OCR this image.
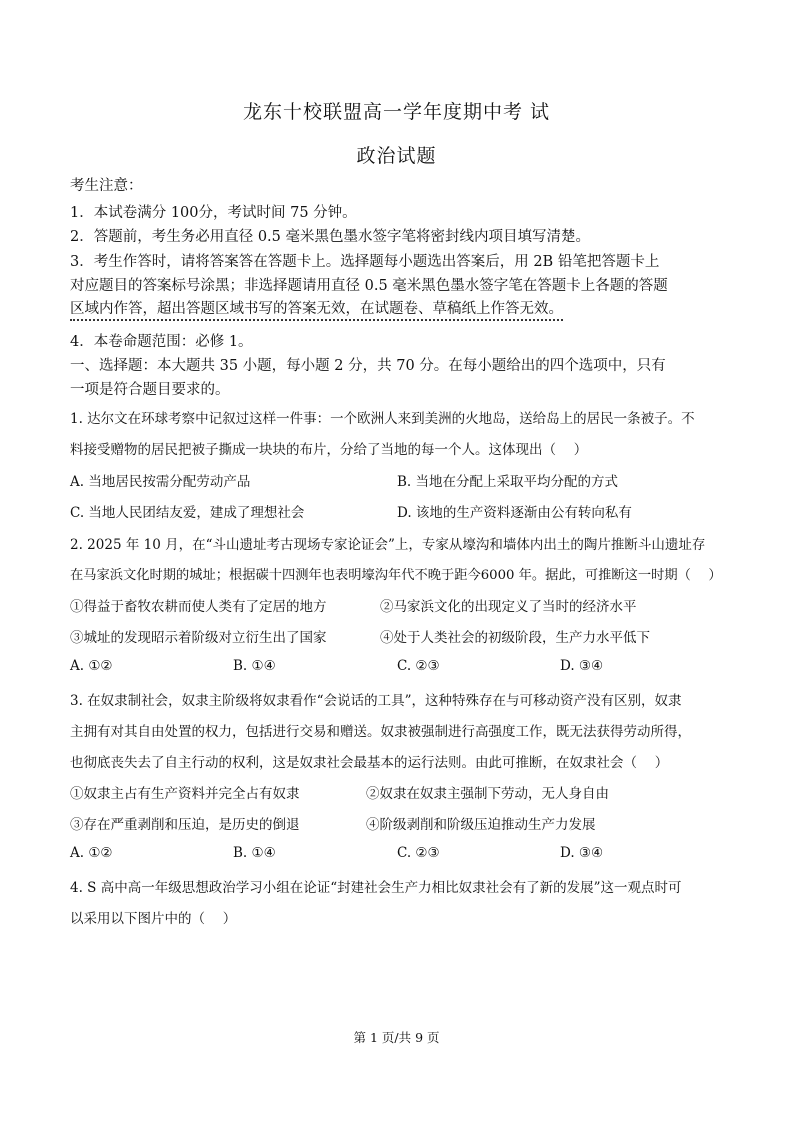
龙东十校联盟高一学年度期中考 试
政治试题
考生注意：
1．本试卷满分 100分，考试时间 75 分钟。
2．答题前，考生务必用直径 0.5 毫米黑色墨水签字笔将密封线内项目填写清楚。
3．考生作答时，请将答案答在答题卡上。选择题每小题选出答案后，用 2B 铅笔把答题卡上
对应题目的答案标号涂黑；非选择题请用直径 0.5 毫米黑色墨水签字笔在答题卡上各题的答题
区域内作答，超出答题区域书写的答案无效，在试题卷、草稿纸上作答无效。
4．本卷命题范围：必修 1。
一、选择题：本大题共 35 小题，每小题 2 分，共 70 分。在每小题给出的四个选项中，只有
一项是符合题目要求的。
1. 达尔文在环球考察中记叙过这样一件事：一个欧洲人来到美洲的火地岛，送给岛上的居民一条被子。不
料接受赠物的居民把被子撕成一块块的布片，分给了当地的每一个人。这体现出（　 ）
A. 当地居民按需分配劳动产品	B. 当地在分配上采取平均分配的方式
C. 当地人民团结友爱，建成了理想社会	D. 该地的生产资料逐渐由公有转向私有
2. 2025 年 10 月，在“斗山遗址考古现场专家论证会”上，专家从壕沟和墙体内出土的陶片推断斗山遗址存
在马家浜文化时期的城址；根据碳十四测年也表明壕沟年代不晚于距今6000 年。据此，可推断这一时期（　 ）
①得益于畜牧农耕而使人类有了定居的地方	②马家浜文化的出现定义了当时的经济水平
③城址的发现昭示着阶级对立衍生出了国家	④处于人类社会的初级阶段，生产力水平低下
A. ①②	B. ①④	C. ②③	D. ③④
3. 在奴隶制社会，奴隶主阶级将奴隶看作“会说话的工具”，这种特殊存在与可移动资产没有区别，奴隶
主拥有对其自由处置的权力，包括进行交易和赠送。奴隶被强制进行高强度工作，既无法获得劳动所得，
也彻底丧失去了自主行动的权利，这是奴隶社会最基本的运行法则。由此可推断，在奴隶社会（　 ）
①奴隶主占有生产资料并完全占有奴隶	②奴隶在奴隶主强制下劳动，无人身自由
③存在严重剥削和压迫，是历史的倒退	④阶级剥削和阶级压迫推动生产力发展
A. ①②	B. ①④	C. ②③	D. ③④
4. S 高中高一年级思想政治学习小组在论证“封建社会生产力相比奴隶社会有了新的发展”这一观点时可
以采用以下图片中的（　 ）
第 1 页/共 9 页
